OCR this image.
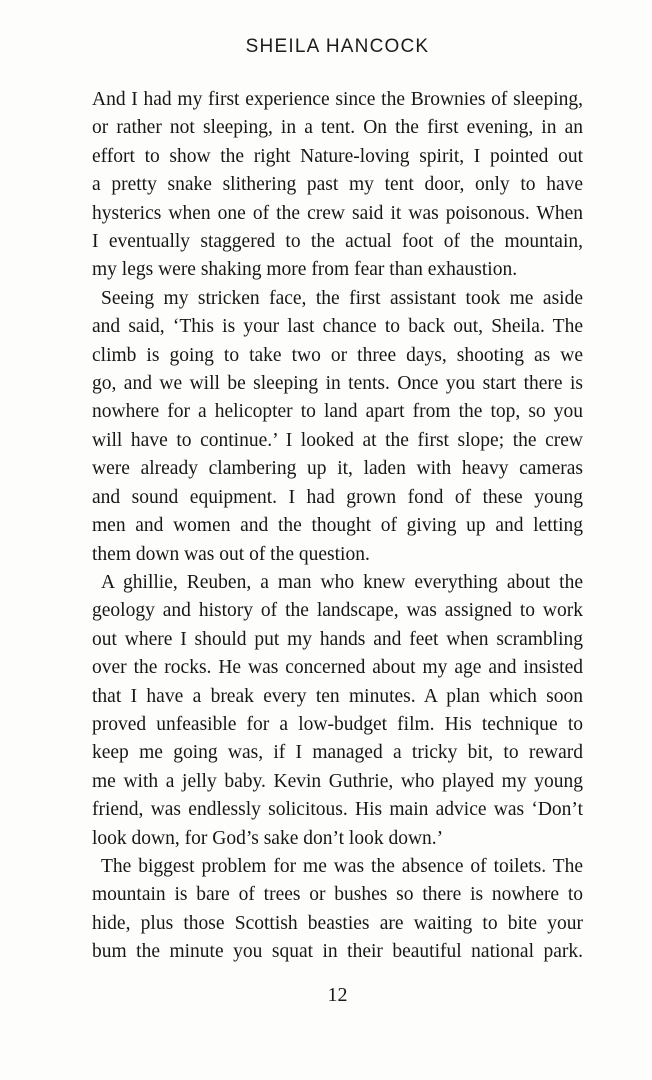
SHEILA HANCOCK

And I had my first experience since the Brownies of sleeping,
or rather not sleeping, in a tent. On the first evening, in an
effort to show the right Nature-loving spirit, I pointed out
a pretty snake slithering past my tent door, only to have
hysterics when one of the crew said it was poisonous. When
I eventually staggered to the actual foot of the mountain,
my legs were shaking more from fear than exhaustion.

Seeing my stricken face, the first assistant took me aside
and said, ‘This is your last chance to back out, Sheila. The
climb is going to take two or three days, shooting as we
go, and we will be sleeping in tents. Once you start there is
nowhere for a helicopter to land apart from the top, so you
will have to continue.’ I looked at the first slope; the crew
were already clambering up it, laden with heavy cameras
and sound equipment. I had grown fond of these young
men and women and the thought of giving up and letting
them down was out of the question.

A ghillie, Reuben, a man who knew everything about the
geology and history of the landscape, was assigned to work
out where I should put my hands and feet when scrambling
over the rocks. He was concerned about my age and insisted
that I have a break every ten minutes. A plan which soon
proved unfeasible for a low-budget film. His technique to
keep me going was, if I managed a tricky bit, to reward
me with a jelly baby. Kevin Guthrie, who played my young
friend, was endlessly solicitous. His main advice was ‘Don’t
look down, for God’s sake don’t look down.’

The biggest problem for me was the absence of toilets. The
mountain is bare of trees or bushes so there is nowhere to
hide, plus those Scottish beasties are waiting to bite your
bum the minute you squat in their beautiful national park.

12
